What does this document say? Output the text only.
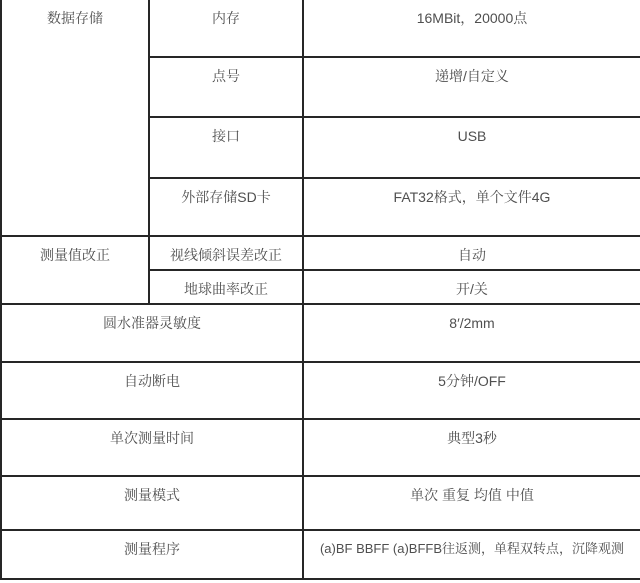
数据存储	内存	16MBit，20000点
	点号	递增/自定义
	接口	USB
	外部存储SD卡	FAT32格式，单个文件4G
测量值改正	视线倾斜误差改正	自动
	地球曲率改正	开/关
圆水准器灵敏度		8′/2mm
自动断电		5分钟/OFF
单次测量时间		典型3秒
测量模式		单次 重复 均值 中值
测量程序		(a)BF BBFF (a)BFFB往返测，单程双转点，沉降观测
